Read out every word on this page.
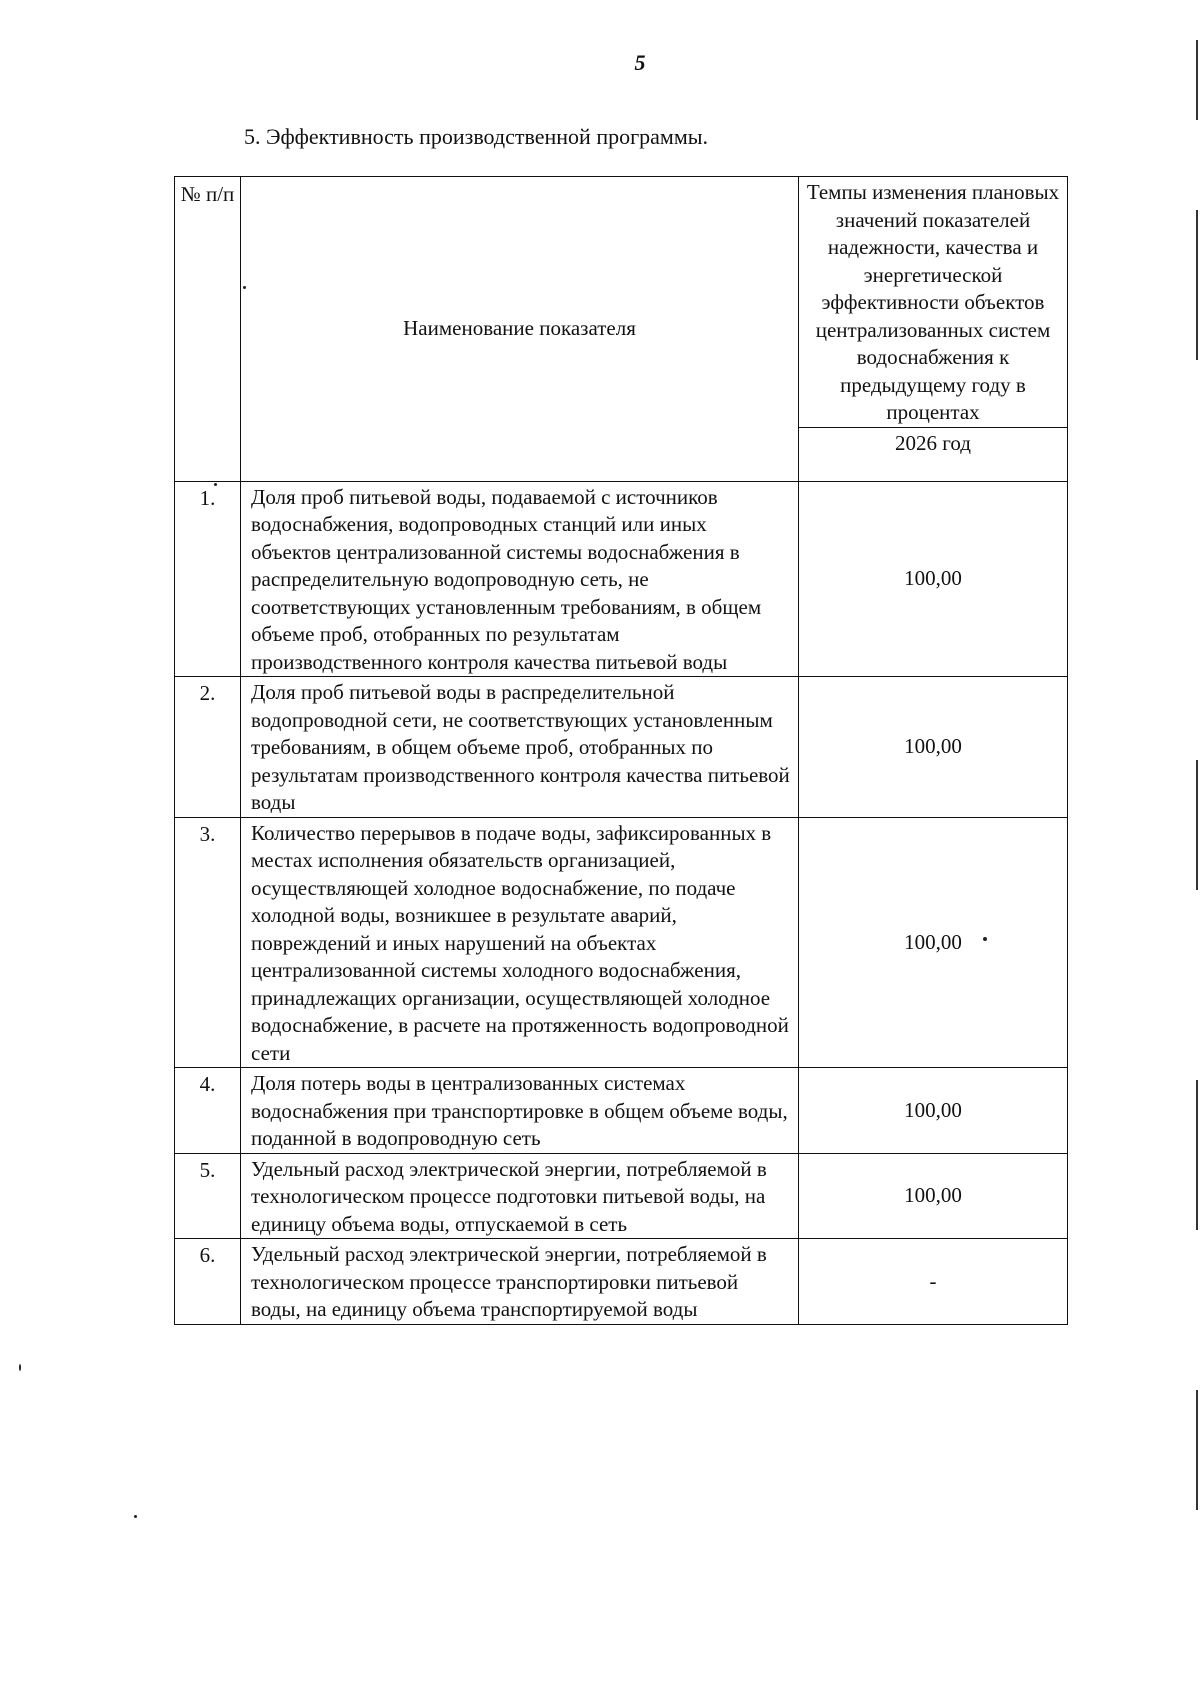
5
5. Эффективность производственной программы.
№ п/п	Наименование показателя	Темпы изменения плановых значений показателей надежности, качества и энергетической эффективности объектов централизованных систем водоснабжения к предыдущему году в процентах
		2026 год
1.	Доля проб питьевой воды, подаваемой с источников водоснабжения, водопроводных станций или иных объектов централизованной системы водоснабжения в распределительную водопроводную сеть, не соответствующих установленным требованиям, в общем объеме проб, отобранных по результатам производственного контроля качества питьевой воды	100,00
2.	Доля проб питьевой воды в распределительной водопроводной сети, не соответствующих установленным требованиям, в общем объеме проб, отобранных по результатам производственного контроля качества питьевой воды	100,00
3.	Количество перерывов в подаче воды, зафиксированных в местах исполнения обязательств организацией, осуществляющей холодное водоснабжение, по подаче холодной воды, возникшее в результате аварий, повреждений и иных нарушений на объектах централизованной системы холодного водоснабжения, принадлежащих организации, осуществляющей холодное водоснабжение, в расчете на протяженность водопроводной сети	100,00
4.	Доля потерь воды в централизованных системах водоснабжения при транспортировке в общем объеме воды, поданной в водопроводную сеть	100,00
5.	Удельный расход электрической энергии, потребляемой в технологическом процессе подготовки питьевой воды, на единицу объема воды, отпускаемой в сеть	100,00
6.	Удельный расход электрической энергии, потребляемой в технологическом процессе транспортировки питьевой воды, на единицу объема транспортируемой воды	-
